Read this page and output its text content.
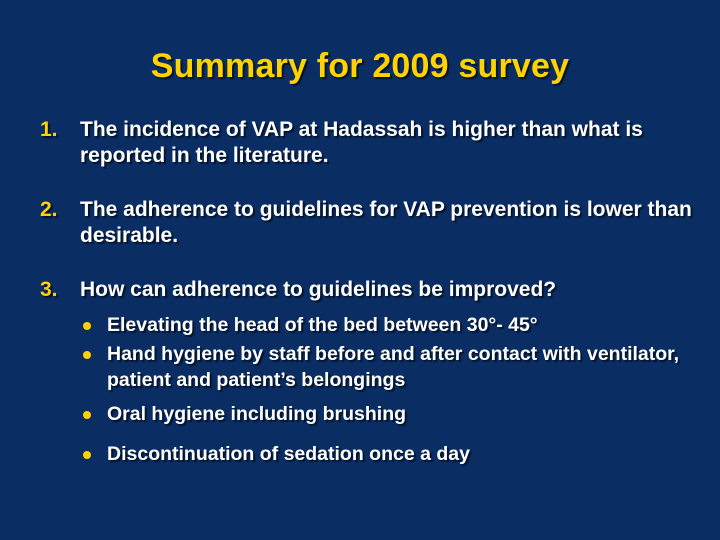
Summary for 2009 survey
1. The incidence of VAP at Hadassah is higher than what is reported in the literature.
2. The adherence to guidelines for VAP prevention is lower than desirable.
3. How can adherence to guidelines be improved?
Elevating the head of the bed between 30°- 45°
Hand hygiene by staff before and after contact with ventilator, patient and patient’s belongings
Oral hygiene including brushing
Discontinuation of sedation once a day
